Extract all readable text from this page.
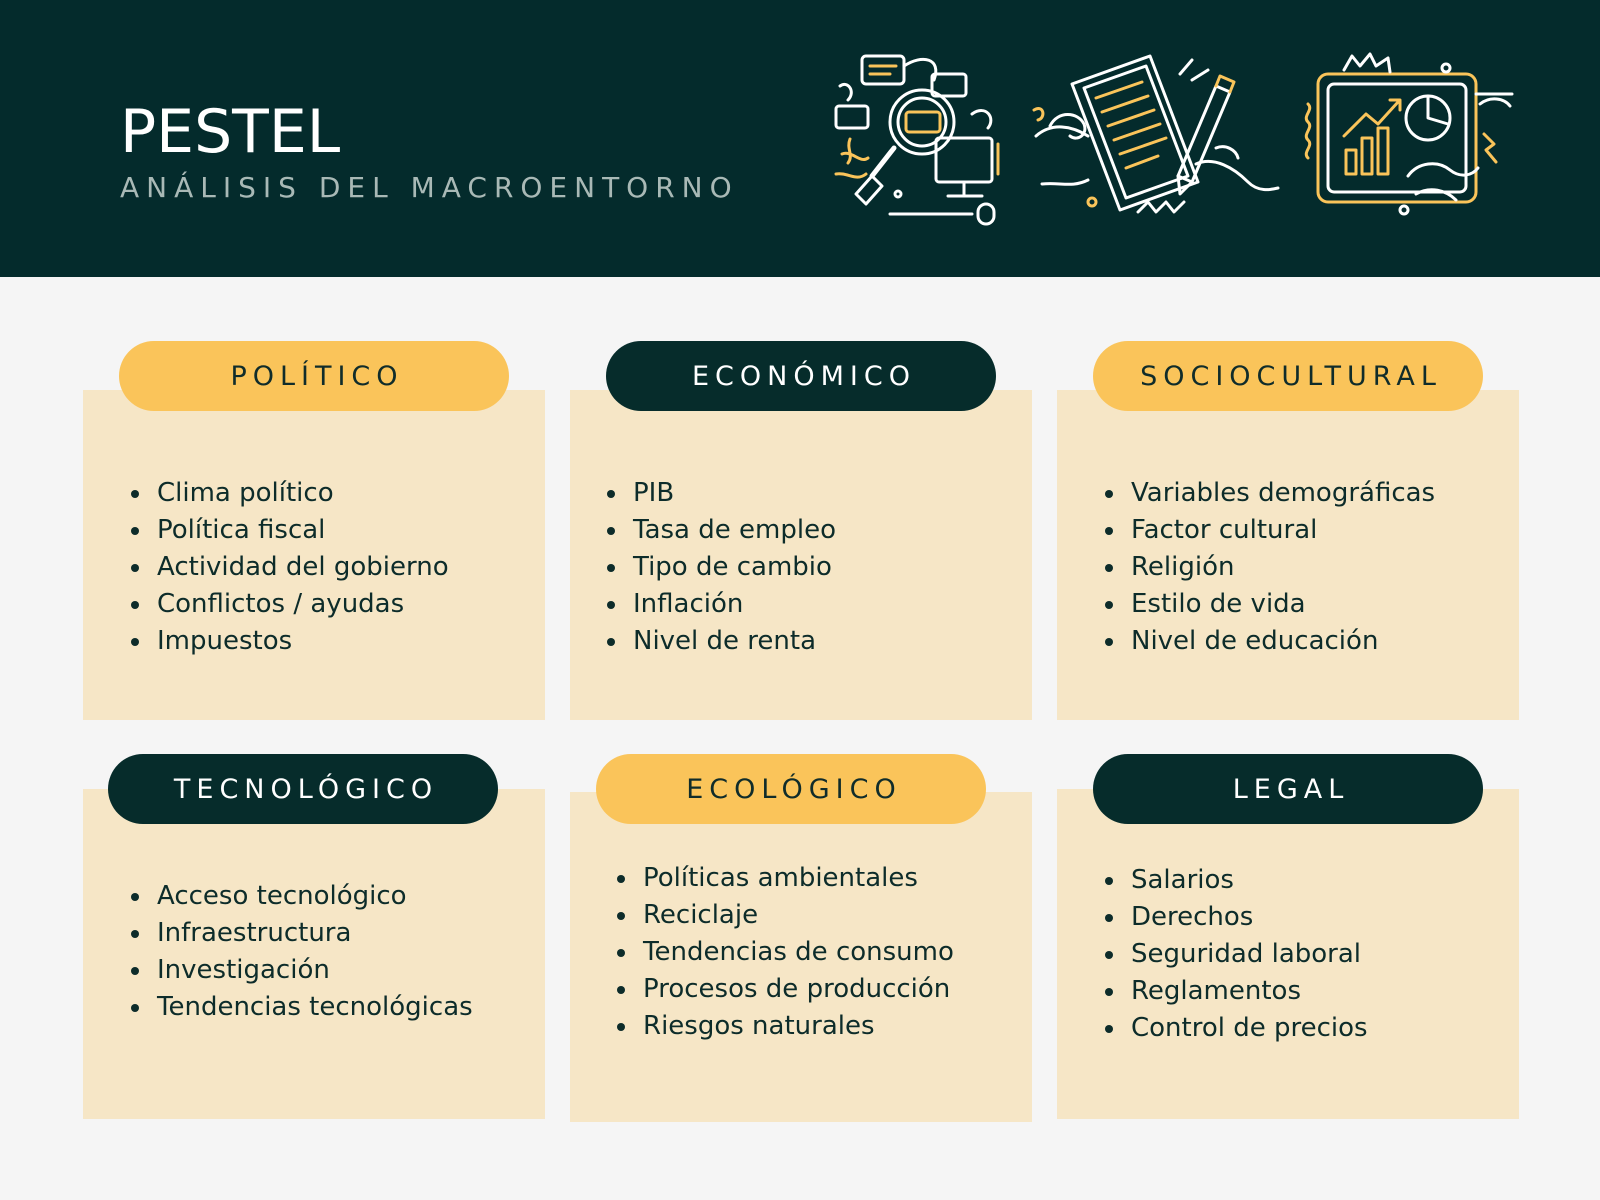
PESTEL
ANÁLISIS DEL MACROENTORNO
POLÍTICO
• Clima político
• Política fiscal
• Actividad del gobierno
• Conflictos / ayudas
• Impuestos
ECONÓMICO
• PIB
• Tasa de empleo
• Tipo de cambio
• Inflación
• Nivel de renta
SOCIOCULTURAL
• Variables demográficas
• Factor cultural
• Religión
• Estilo de vida
• Nivel de educación
TECNOLÓGICO
• Acceso tecnológico
• Infraestructura
• Investigación
• Tendencias tecnológicas
ECOLÓGICO
• Políticas ambientales
• Reciclaje
• Tendencias de consumo
• Procesos de producción
• Riesgos naturales
LEGAL
• Salarios
• Derechos
• Seguridad laboral
• Reglamentos
• Control de precios
